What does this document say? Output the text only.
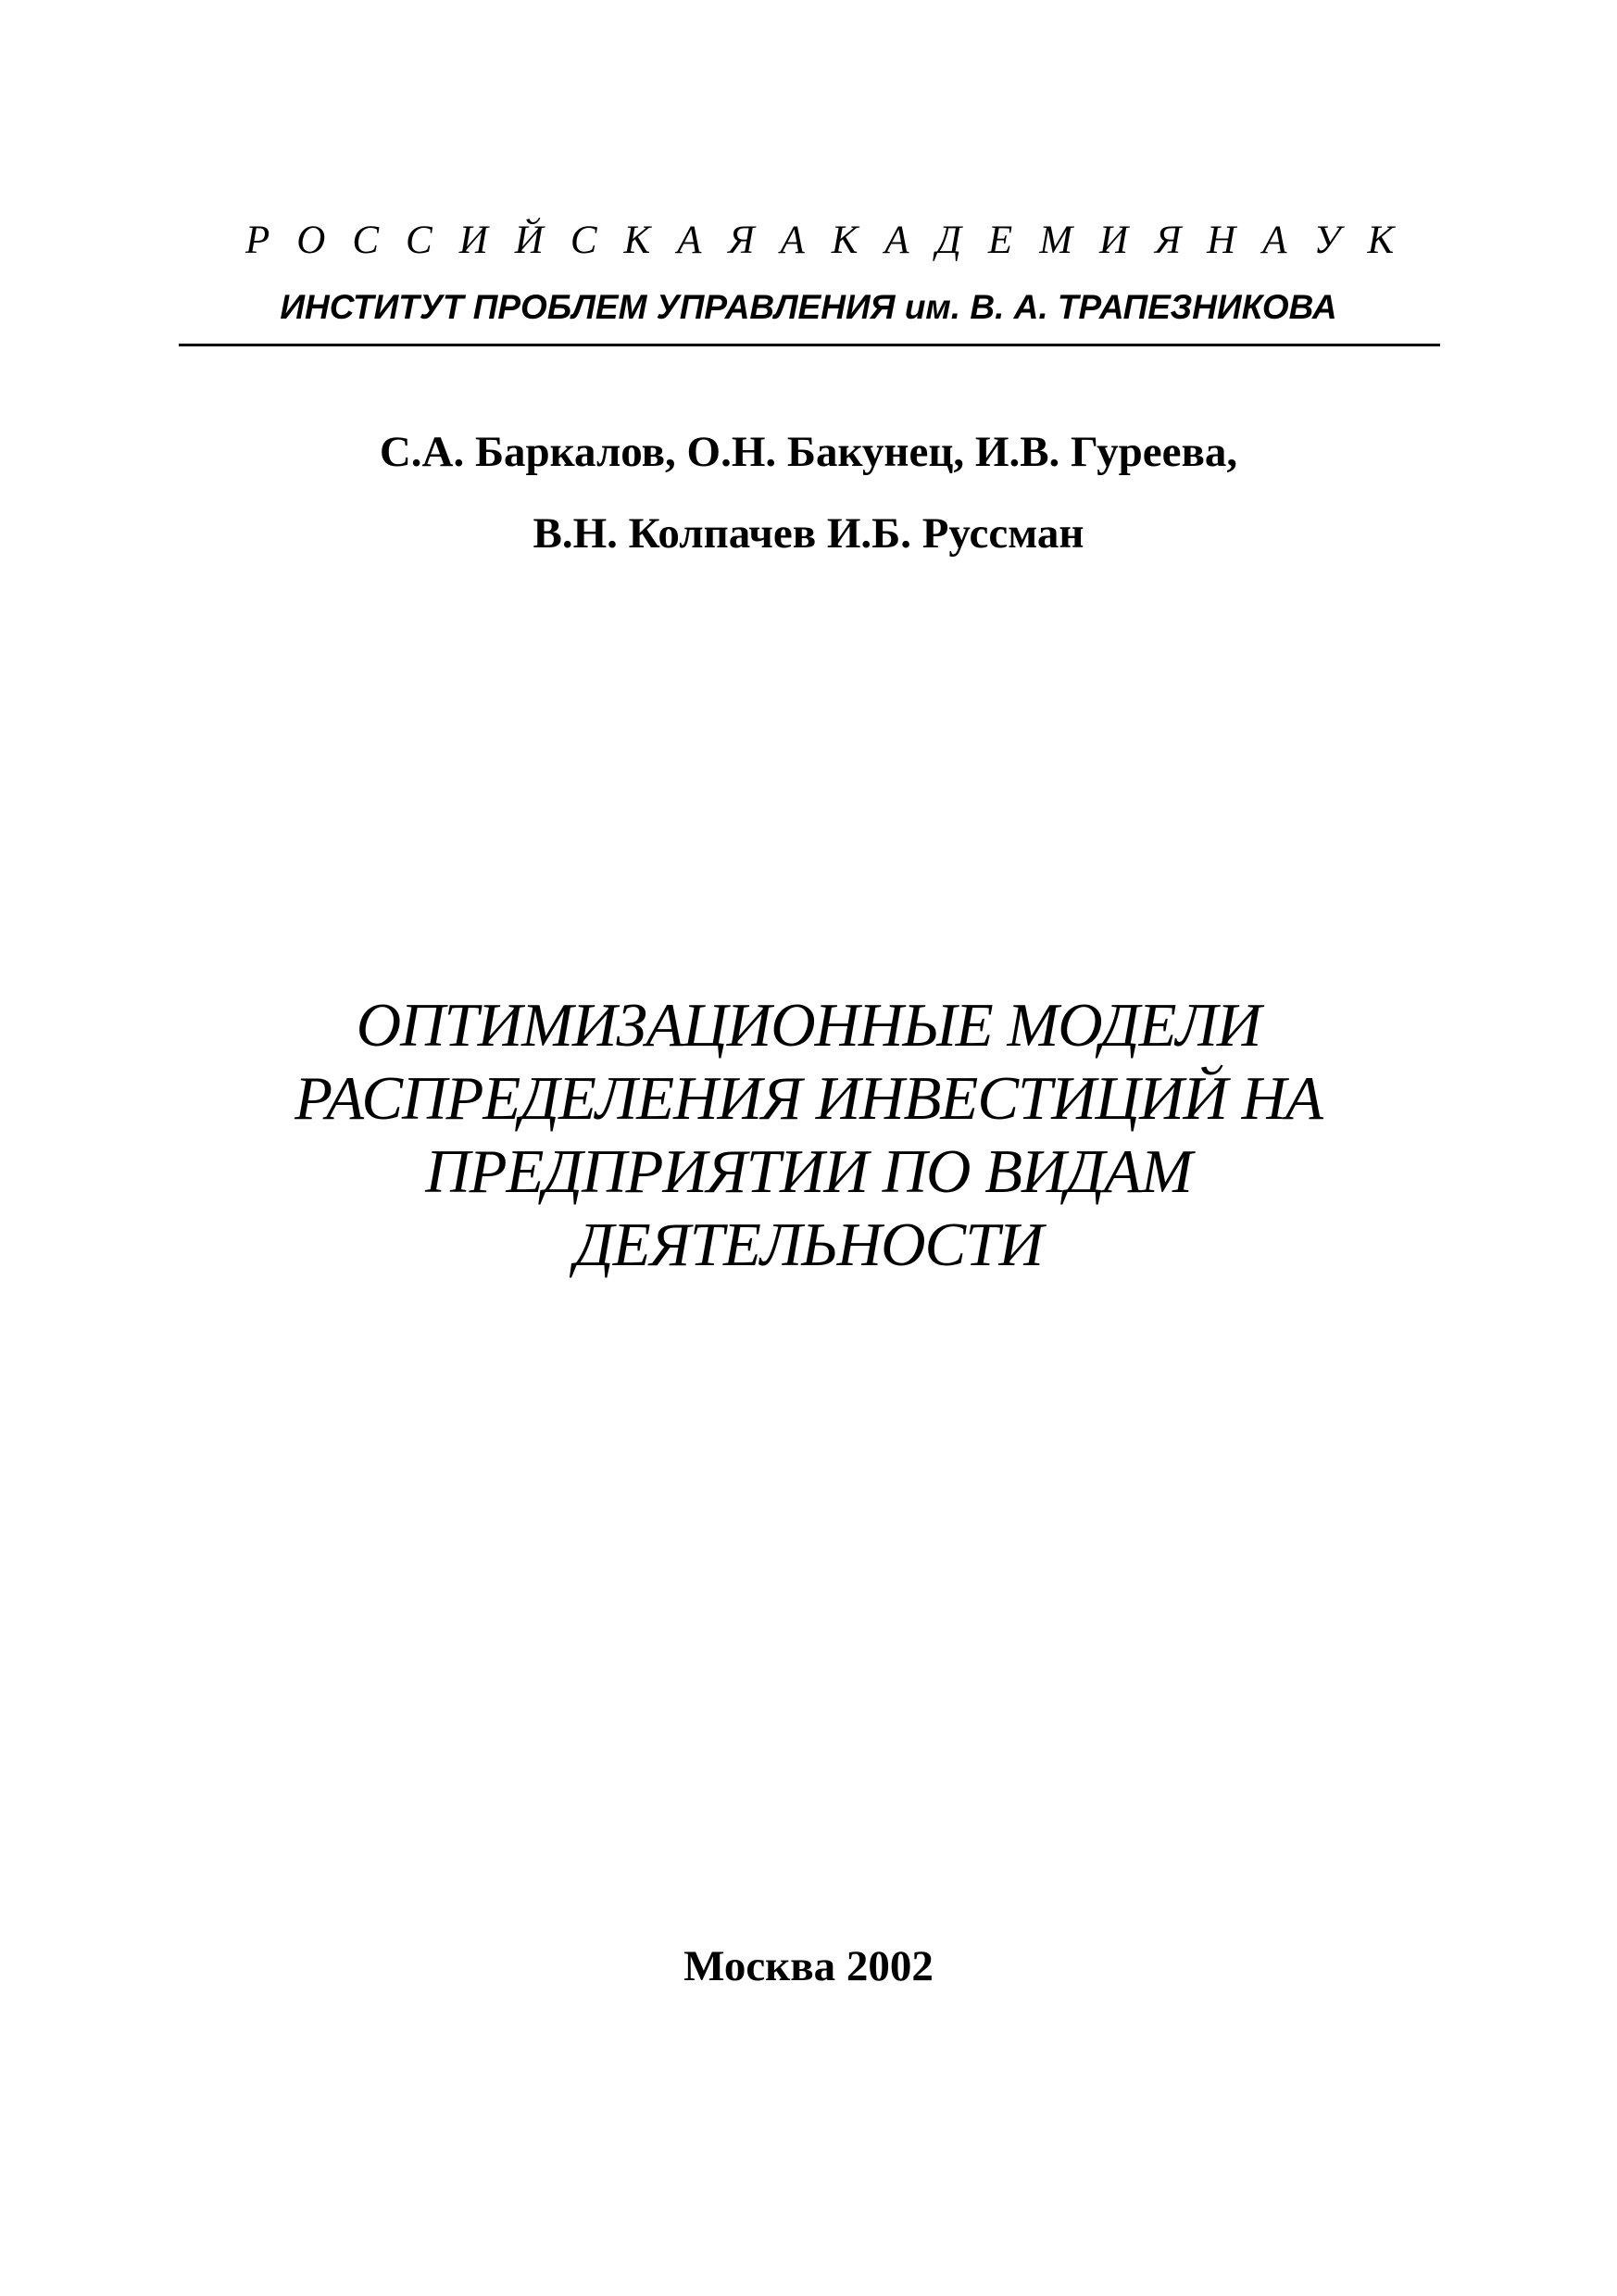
Р О С С И Й С К А Я А К А Д Е М И Я Н А У К
ИНСТИТУТ ПРОБЛЕМ УПРАВЛЕНИЯ им. В. А. ТРАПЕЗНИКОВА
С.А. Баркалов, О.Н. Бакунец, И.В. Гуреева,
В.Н. Колпачев И.Б. Руссман
ОПТИМИЗАЦИОННЫЕ МОДЕЛИ
РАСПРЕДЕЛЕНИЯ ИНВЕСТИЦИЙ НА
ПРЕДПРИЯТИИ ПО ВИДАМ
ДЕЯТЕЛЬНОСТИ
Москва 2002
